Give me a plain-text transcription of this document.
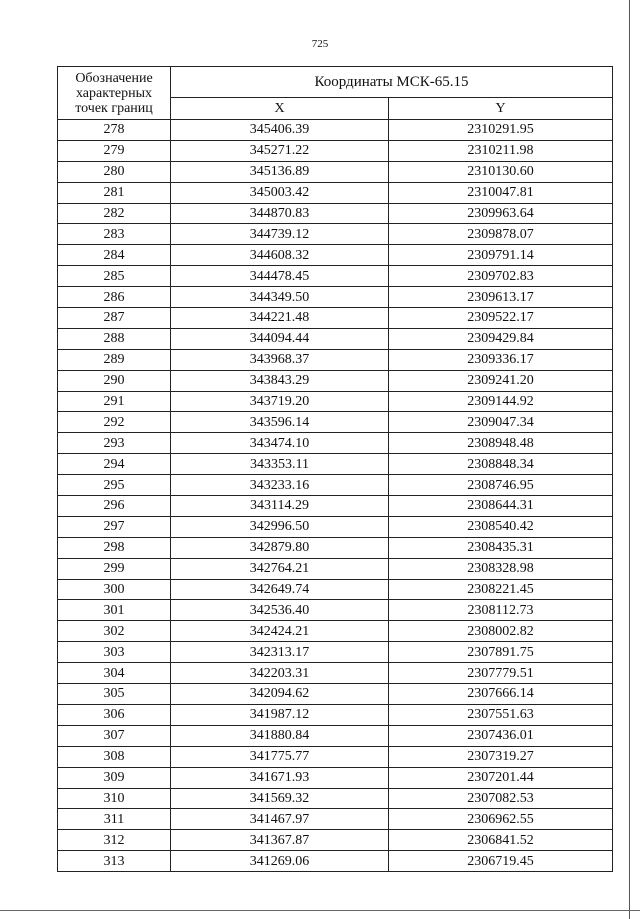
725
Обозначение характерных точек границ	Координаты МСК-65.15	
	X	Y
278	345406.39	2310291.95
279	345271.22	2310211.98
280	345136.89	2310130.60
281	345003.42	2310047.81
282	344870.83	2309963.64
283	344739.12	2309878.07
284	344608.32	2309791.14
285	344478.45	2309702.83
286	344349.50	2309613.17
287	344221.48	2309522.17
288	344094.44	2309429.84
289	343968.37	2309336.17
290	343843.29	2309241.20
291	343719.20	2309144.92
292	343596.14	2309047.34
293	343474.10	2308948.48
294	343353.11	2308848.34
295	343233.16	2308746.95
296	343114.29	2308644.31
297	342996.50	2308540.42
298	342879.80	2308435.31
299	342764.21	2308328.98
300	342649.74	2308221.45
301	342536.40	2308112.73
302	342424.21	2308002.82
303	342313.17	2307891.75
304	342203.31	2307779.51
305	342094.62	2307666.14
306	341987.12	2307551.63
307	341880.84	2307436.01
308	341775.77	2307319.27
309	341671.93	2307201.44
310	341569.32	2307082.53
311	341467.97	2306962.55
312	341367.87	2306841.52
313	341269.06	2306719.45
